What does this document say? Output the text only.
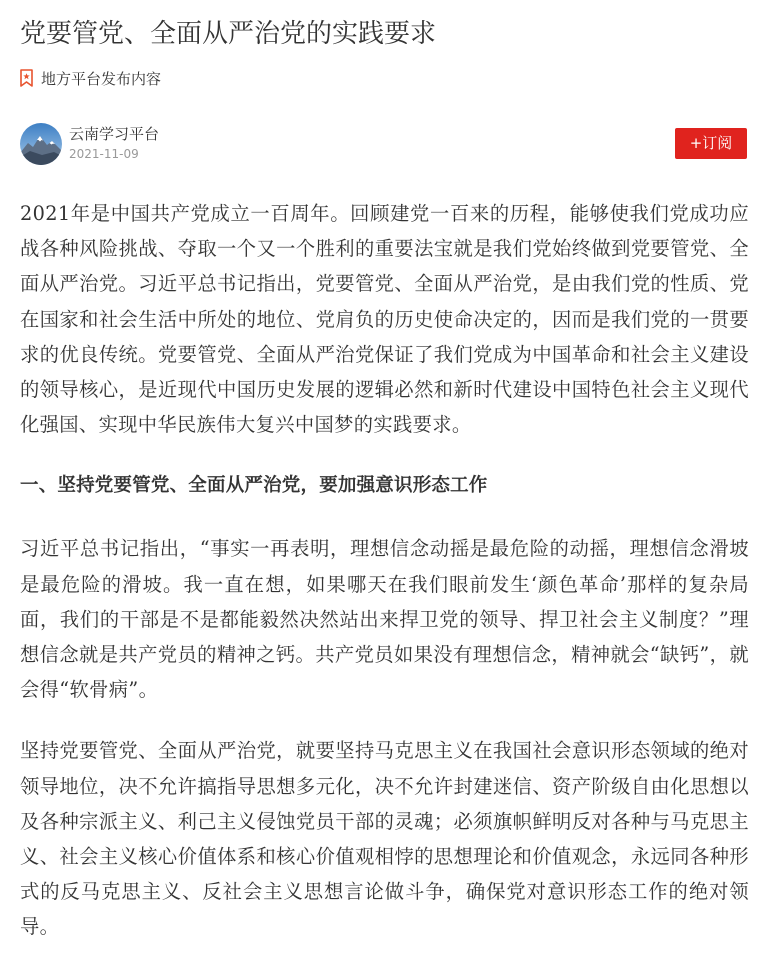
党要管党、全面从严治党的实践要求
地方平台发布内容
云南学习平台
2021-11-09
+订阅

2021年是中国共产党成立一百周年。回顾建党一百来的历程，能够使我们党成功应战各种风险挑战、夺取一个又一个胜利的重要法宝就是我们党始终做到党要管党、全面从严治党。习近平总书记指出，党要管党、全面从严治党，是由我们党的性质、党在国家和社会生活中所处的地位、党肩负的历史使命决定的，因而是我们党的一贯要求的优良传统。党要管党、全面从严治党保证了我们党成为中国革命和社会主义建设的领导核心，是近现代中国历史发展的逻辑必然和新时代建设中国特色社会主义现代化强国、实现中华民族伟大复兴中国梦的实践要求。

一、坚持党要管党、全面从严治党，要加强意识形态工作

习近平总书记指出，“事实一再表明，理想信念动摇是最危险的动摇，理想信念滑坡是最危险的滑坡。我一直在想，如果哪天在我们眼前发生‘颜色革命’那样的复杂局面，我们的干部是不是都能毅然决然站出来捍卫党的领导、捍卫社会主义制度？”理想信念就是共产党员的精神之钙。共产党员如果没有理想信念，精神就会“缺钙”，就会得“软骨病”。

坚持党要管党、全面从严治党，就要坚持马克思主义在我国社会意识形态领域的绝对领导地位，决不允许搞指导思想多元化，决不允许封建迷信、资产阶级自由化思想以及各种宗派主义、利己主义侵蚀党员干部的灵魂；必须旗帜鲜明反对各种与马克思主义、社会主义核心价值体系和核心价值观相悖的思想理论和价值观念，永远同各种形式的反马克思主义、反社会主义思想言论做斗争，确保党对意识形态工作的绝对领导。
